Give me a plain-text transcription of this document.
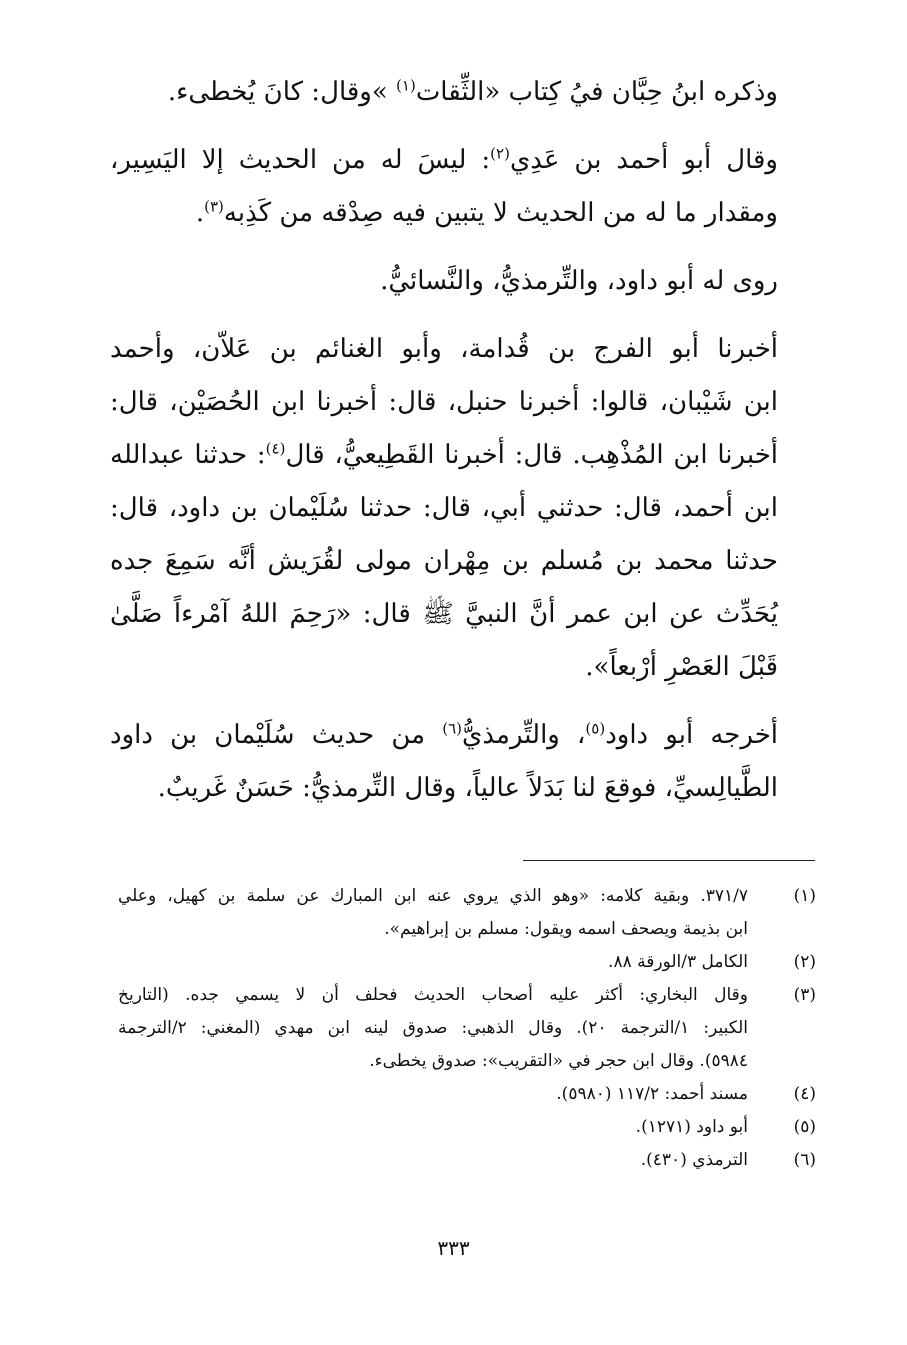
وذكره ابنُ حِبَّان فيُ كِتاب «الثِّقات$^{(١)}$ »وقال: كانَ يُخطىء.
وقال أبو أحمد بن عَدِي$^{(٢)}$: ليسَ له من الحديث إلا اليَسِير،
ومقدار ما له من الحديث لا يتبين فيه صِدْقه من كَذِبه$^{(٣)}$.
روى له أبو داود، والتِّرمذيُّ، والنَّسائيُّ.
أخبرنا أبو الفرج بن قُدامة، وأبو الغنائم بن عَلاّن، وأحمد
ابن شَيْبان، قالوا: أخبرنا حنبل، قال: أخبرنا ابن الحُصَيْن، قال:
أخبرنا ابن المُذْهِب. قال: أخبرنا القَطِيعيُّ، قال$^{(٤)}$: حدثنا عبدالله
ابن أحمد، قال: حدثني أبي، قال: حدثنا سُلَيْمان بن داود، قال:
حدثنا محمد بن مُسلم بن مِهْران مولى لقُرَيش أنَّه سَمِعَ جده
يُحَدِّث عن ابن عمر أنَّ النبيَّ ﷺ قال: «رَحِمَ اللهُ آمْرءاً صَلَّىٰ
قَبْلَ العَصْرِ أرْبعاً».
أخرجه أبو داود$^{(٥)}$، والتِّرمذيُّ$^{(٦)}$ من حديث سُلَيْمان بن داود
الطَّيالِسيِّ، فوقعَ لنا بَدَلاً عالياً، وقال التِّرمذيُّ: حَسَنٌ غَريبٌ.
(١)
٣٧١/٧. وبقية كلامه: «وهو الذي يروي عنه ابن المبارك عن سلمة بن كهيل، وعلي
ابن بذيمة ويصحف اسمه ويقول: مسلم بن إبراهيم».
(٢)
الكامل ٣/الورقة ٨٨.
(٣)
وقال البخاري: أكثر عليه أصحاب الحديث فحلف أن لا يسمي جده. (التاريخ
الكبير: ١/الترجمة ٢٠). وقال الذهبي: صدوق لينه ابن مهدي (المغني: ٢/الترجمة
٥٩٨٤). وقال ابن حجر في «التقريب»: صدوق يخطىء.
(٤)
مسند أحمد: ١١٧/٢ (٥٩٨٠).
(٥)
أبو داود (١٢٧١).
(٦)
الترمذي (٤٣٠).
٣٣٣
